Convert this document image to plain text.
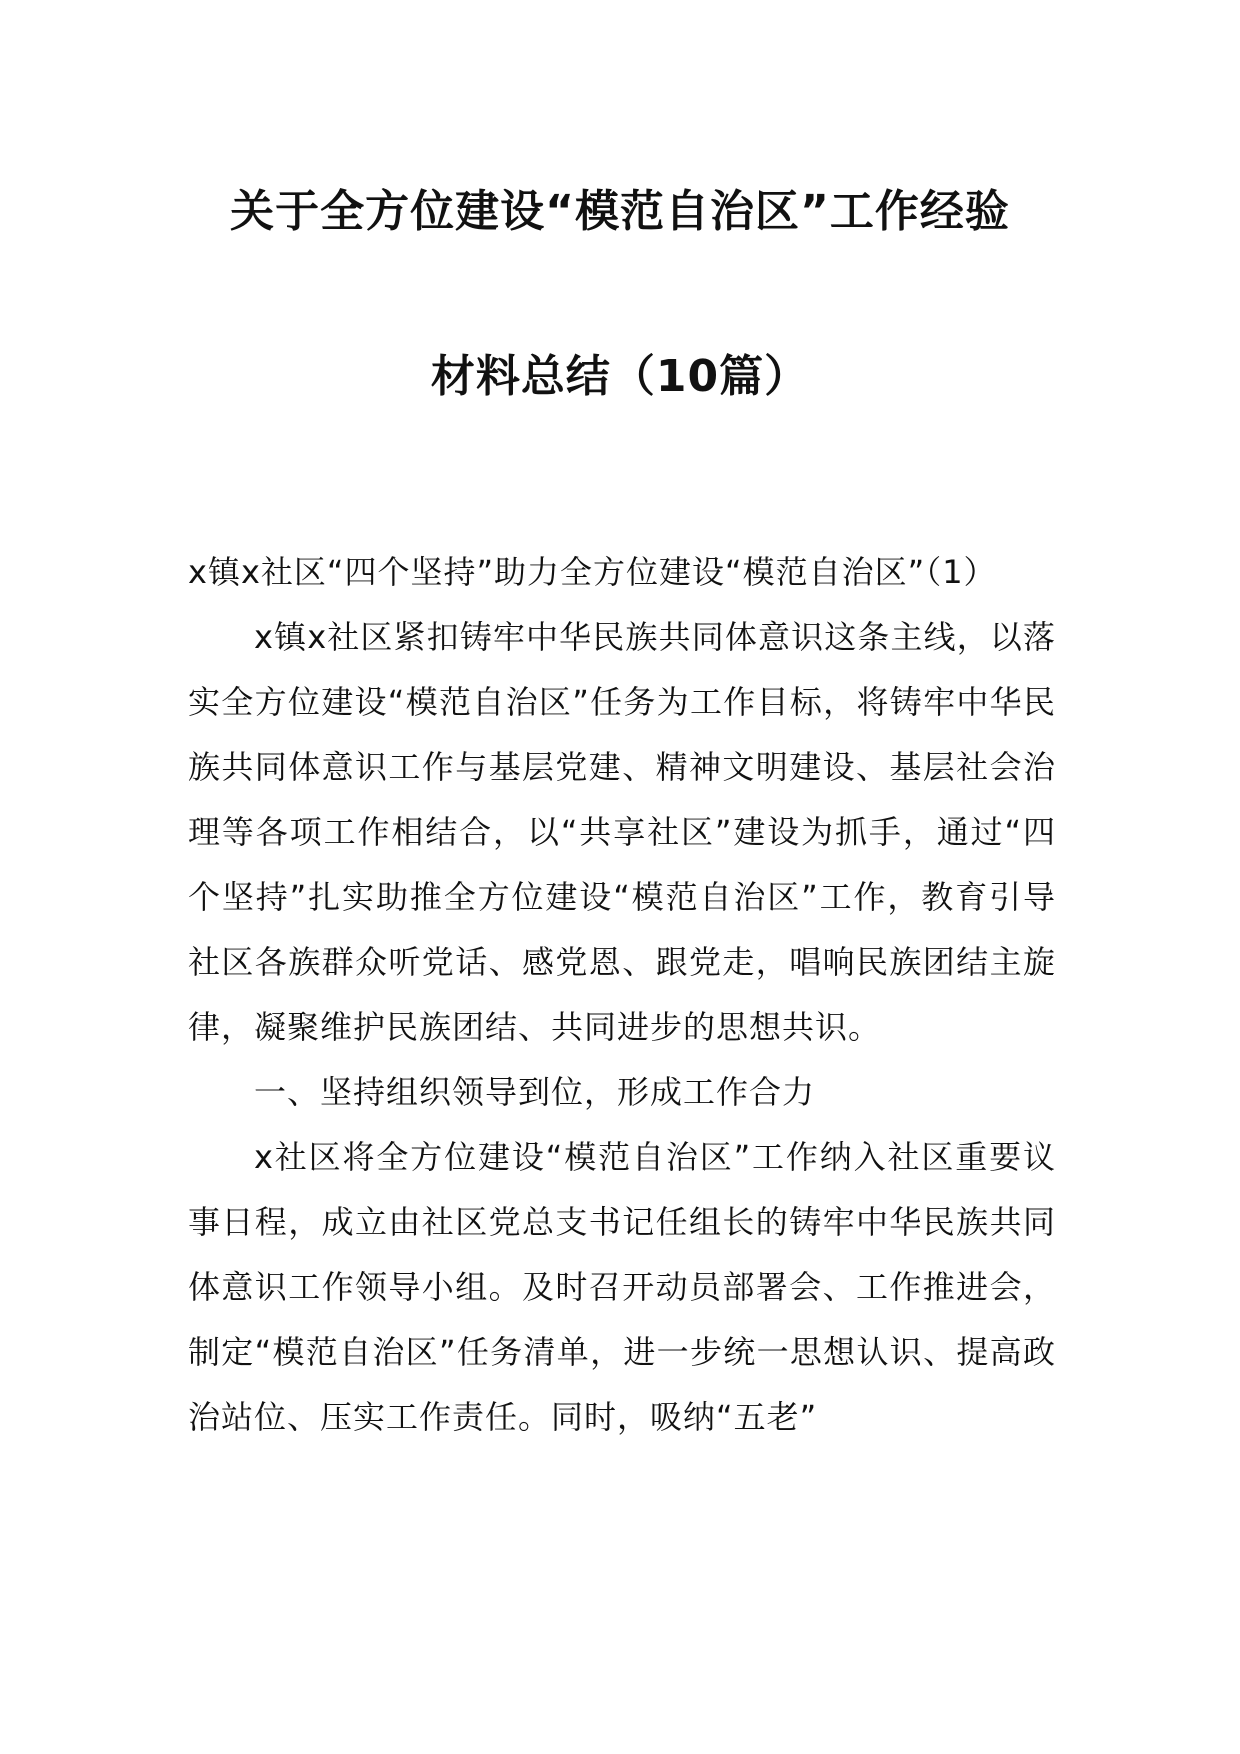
关于全方位建设“模范自治区”工作经验
材料总结（10篇）

x镇x社区“四个坚持”助力全方位建设“模范自治区”（1）

x镇x社区紧扣铸牢中华民族共同体意识这条主线，以落实全方位建设“模范自治区”任务为工作目标，将铸牢中华民族共同体意识工作与基层党建、精神文明建设、基层社会治理等各项工作相结合，以“共享社区”建设为抓手，通过“四个坚持”扎实助推全方位建设“模范自治区”工作，教育引导社区各族群众听党话、感党恩、跟党走，唱响民族团结主旋律，凝聚维护民族团结、共同进步的思想共识。

一、坚持组织领导到位，形成工作合力

x社区将全方位建设“模范自治区”工作纳入社区重要议事日程，成立由社区党总支书记任组长的铸牢中华民族共同体意识工作领导小组。及时召开动员部署会、工作推进会，制定“模范自治区”任务清单，进一步统一思想认识、提高政治站位、压实工作责任。同时，吸纳“五老”
